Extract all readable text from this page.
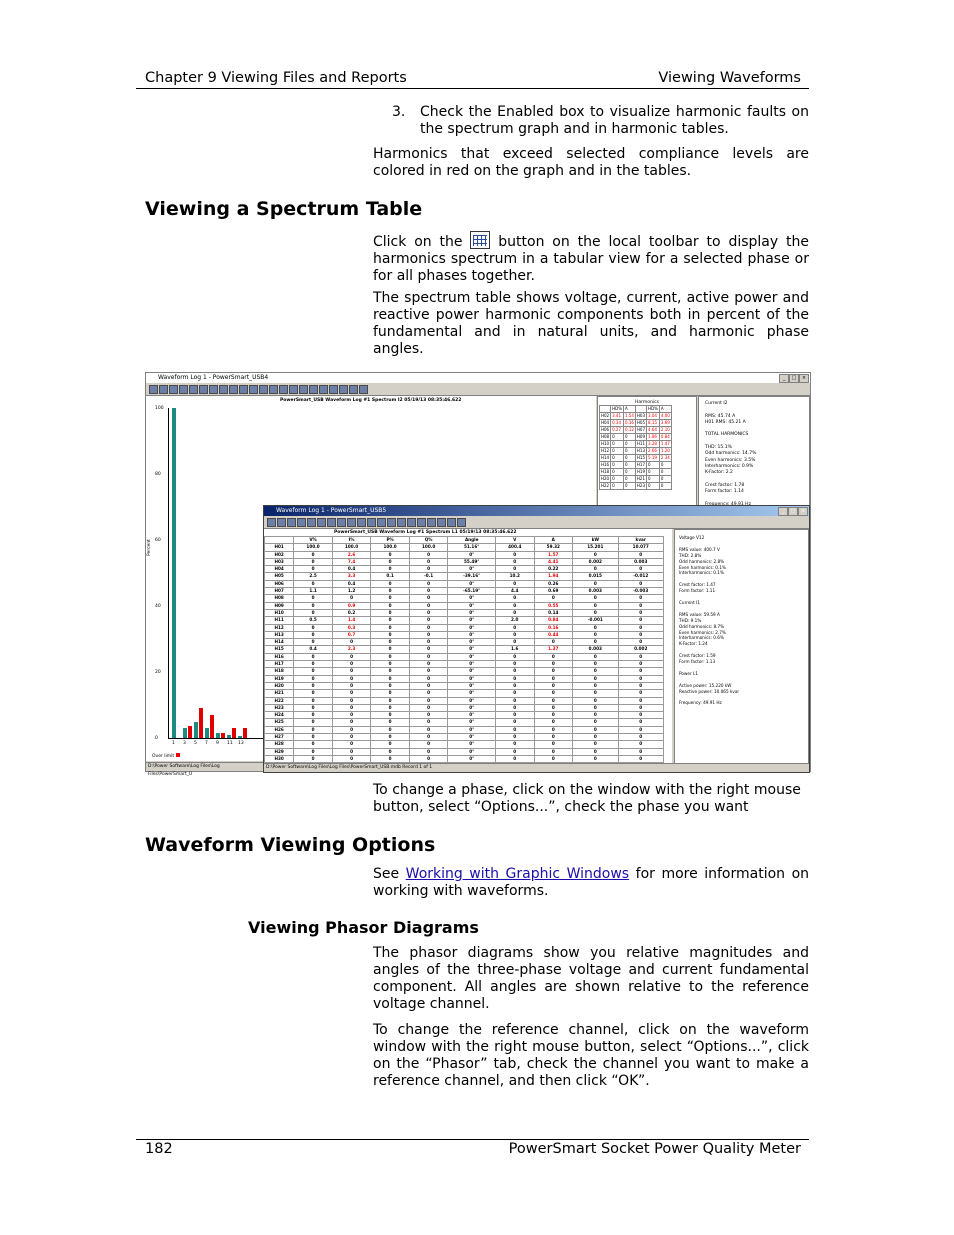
Chapter 9 Viewing Files and Reports	Viewing Waveforms
3. Check the Enabled box to visualize harmonic faults on the spectrum graph and in harmonic tables.
Harmonics that exceed selected compliance levels are colored in red on the graph and in the tables.
Viewing a Spectrum Table
Click on the	button on the local toolbar to display the harmonics spectrum in a tabular view for a selected phase or for all phases together.
The spectrum table shows voltage, current, active power and reactive power harmonic components both in percent of the fundamental and in natural units, and harmonic phase angles.
Waveform Log 1 - PowerSmart_USB4	_	□	×
PowerSmart_USB Waveform Log #1 Spectrum I2 05/19/13 08:35:46.622
Percent
100
80
60
40
20
0
1 3 5 7 9 11 13
Over limit
Harmonics
	HD%	A		HD%	A
H02	3.41	1.54	H03	3.04	4.00
H04	0.34	0.16	H05	8.15	3.69
H06	0.27	0.12	H07	4.64	2.10
H08	0	0	H09	1.86	0.84
H10	0	0	H11	3.28	1.47
H12	0	0	H13	2.66	1.20
H14	0	0	H15	5.19	2.34
H16	0	0	H17	0	0
H18	0	0	H19	0	0
H20	0	0	H21	0	0
H22	0	0	H23	0	0
Current I2

RMS: 45.74 A
H01 RMS: 45.21 A

TOTAL HARMONICS

THD: 15.1%
Odd harmonics: 14.7%
Even harmonics: 3.5%
Interharmonics: 0.9%
K-Factor: 2.2

Crest factor: 1.78
Form factor: 1.14

D:\Power Software\Log Files\Log Files\PowerSmart_U
Waveform Log 1 - PowerSmart_USB5	_	□	×
PowerSmart_USB Waveform Log #1 Spectrum L1 05/19/13 08:35:46.622
	V%	I%	P%	Q%	Angle	V	A	kW	kvar
H01	100.0	100.0	100.0	100.0	51.16°	400.4	59.32	15.201	10.077
H02	0	2.6	0	0	0°	0	1.57	0	0
H03	0	7.4	0	0	55.49°	0	4.41	0.002	0.003
H04	0	0.4	0	0	0°	0	0.22	0	0
H05	2.5	3.3	0.1	-0.1	-39.16°	10.2	1.94	0.015	-0.012
H06	0	0.4	0	0	0°	0	0.26	0	0
H07	1.1	1.2	0	0	-65.19°	4.4	0.69	0.003	-0.003
H08	0	0	0	0	0°	0	0	0	0
H09	0	0.9	0	0	0°	0	0.55	0	0
H10	0	0.2	0	0	0°	0	0.14	0	0
H11	0.5	1.4	0	0	0°	2.0	0.84	-0.001	0
H12	0	0.3	0	0	0°	0	0.16	0	0
H13	0	0.7	0	0	0°	0	0.44	0	0
H14	0	0	0	0	0°	0	0	0	0
H15	0.4	2.3	0	0	0°	1.6	1.37	0.003	0.002
H16	0	0	0	0	0°	0	0	0	0
H17	0	0	0	0	0°	0	0	0	0
H18	0	0	0	0	0°	0	0	0	0
H19	0	0	0	0	0°	0	0	0	0
H20	0	0	0	0	0°	0	0	0	0
H21	0	0	0	0	0°	0	0	0	0
H22	0	0	0	0	0°	0	0	0	0
H23	0	0	0	0	0°	0	0	0	0
H24	0	0	0	0	0°	0	0	0	0
H25	0	0	0	0	0°	0	0	0	0
H26	0	0	0	0	0°	0	0	0	0
H27	0	0	0	0	0°	0	0	0	0
H28	0	0	0	0	0°	0	0	0	0
H29	0	0	0	0	0°	0	0	0	0
H30	0	0	0	0	0°	0	0	0	0
Voltage V12

RMS value: 400.7 V
THD: 2.8%
Odd harmonics: 2.8%
Even harmonics: 0.1%
Interharmonics: 0.1%

Crest factor: 1.47
Form factor: 1.11

Current I1

RMS value: 59.59 A
THD: 9.1%
Odd harmonics: 8.7%
Even harmonics: 2.7%
Interharmonics: 0.6%
K-Factor: 1.24

Crest factor: 1.59
Form factor: 1.13

Power L1

Active power: 15.220 kW
Reactive power: 10.065 kvar

Frequency: 49.91 Hz
D:\Power Software\Log Files\Log Files\PowerSmart_USB.mdb Record 1 of 1
To change a phase, click on the window with the right mouse button, select “Options...”, check the phase you want
Waveform Viewing Options
See Working with Graphic Windows for more information on working with waveforms.
Viewing Phasor Diagrams
The phasor diagrams show you relative magnitudes and angles of the three-phase voltage and current fundamental component. All angles are shown relative to the reference voltage channel.
To change the reference channel, click on the waveform window with the right mouse button, select “Options...”, click on the “Phasor” tab, check the channel you want to make a reference channel, and then click “OK”.
182	PowerSmart Socket Power Quality Meter
